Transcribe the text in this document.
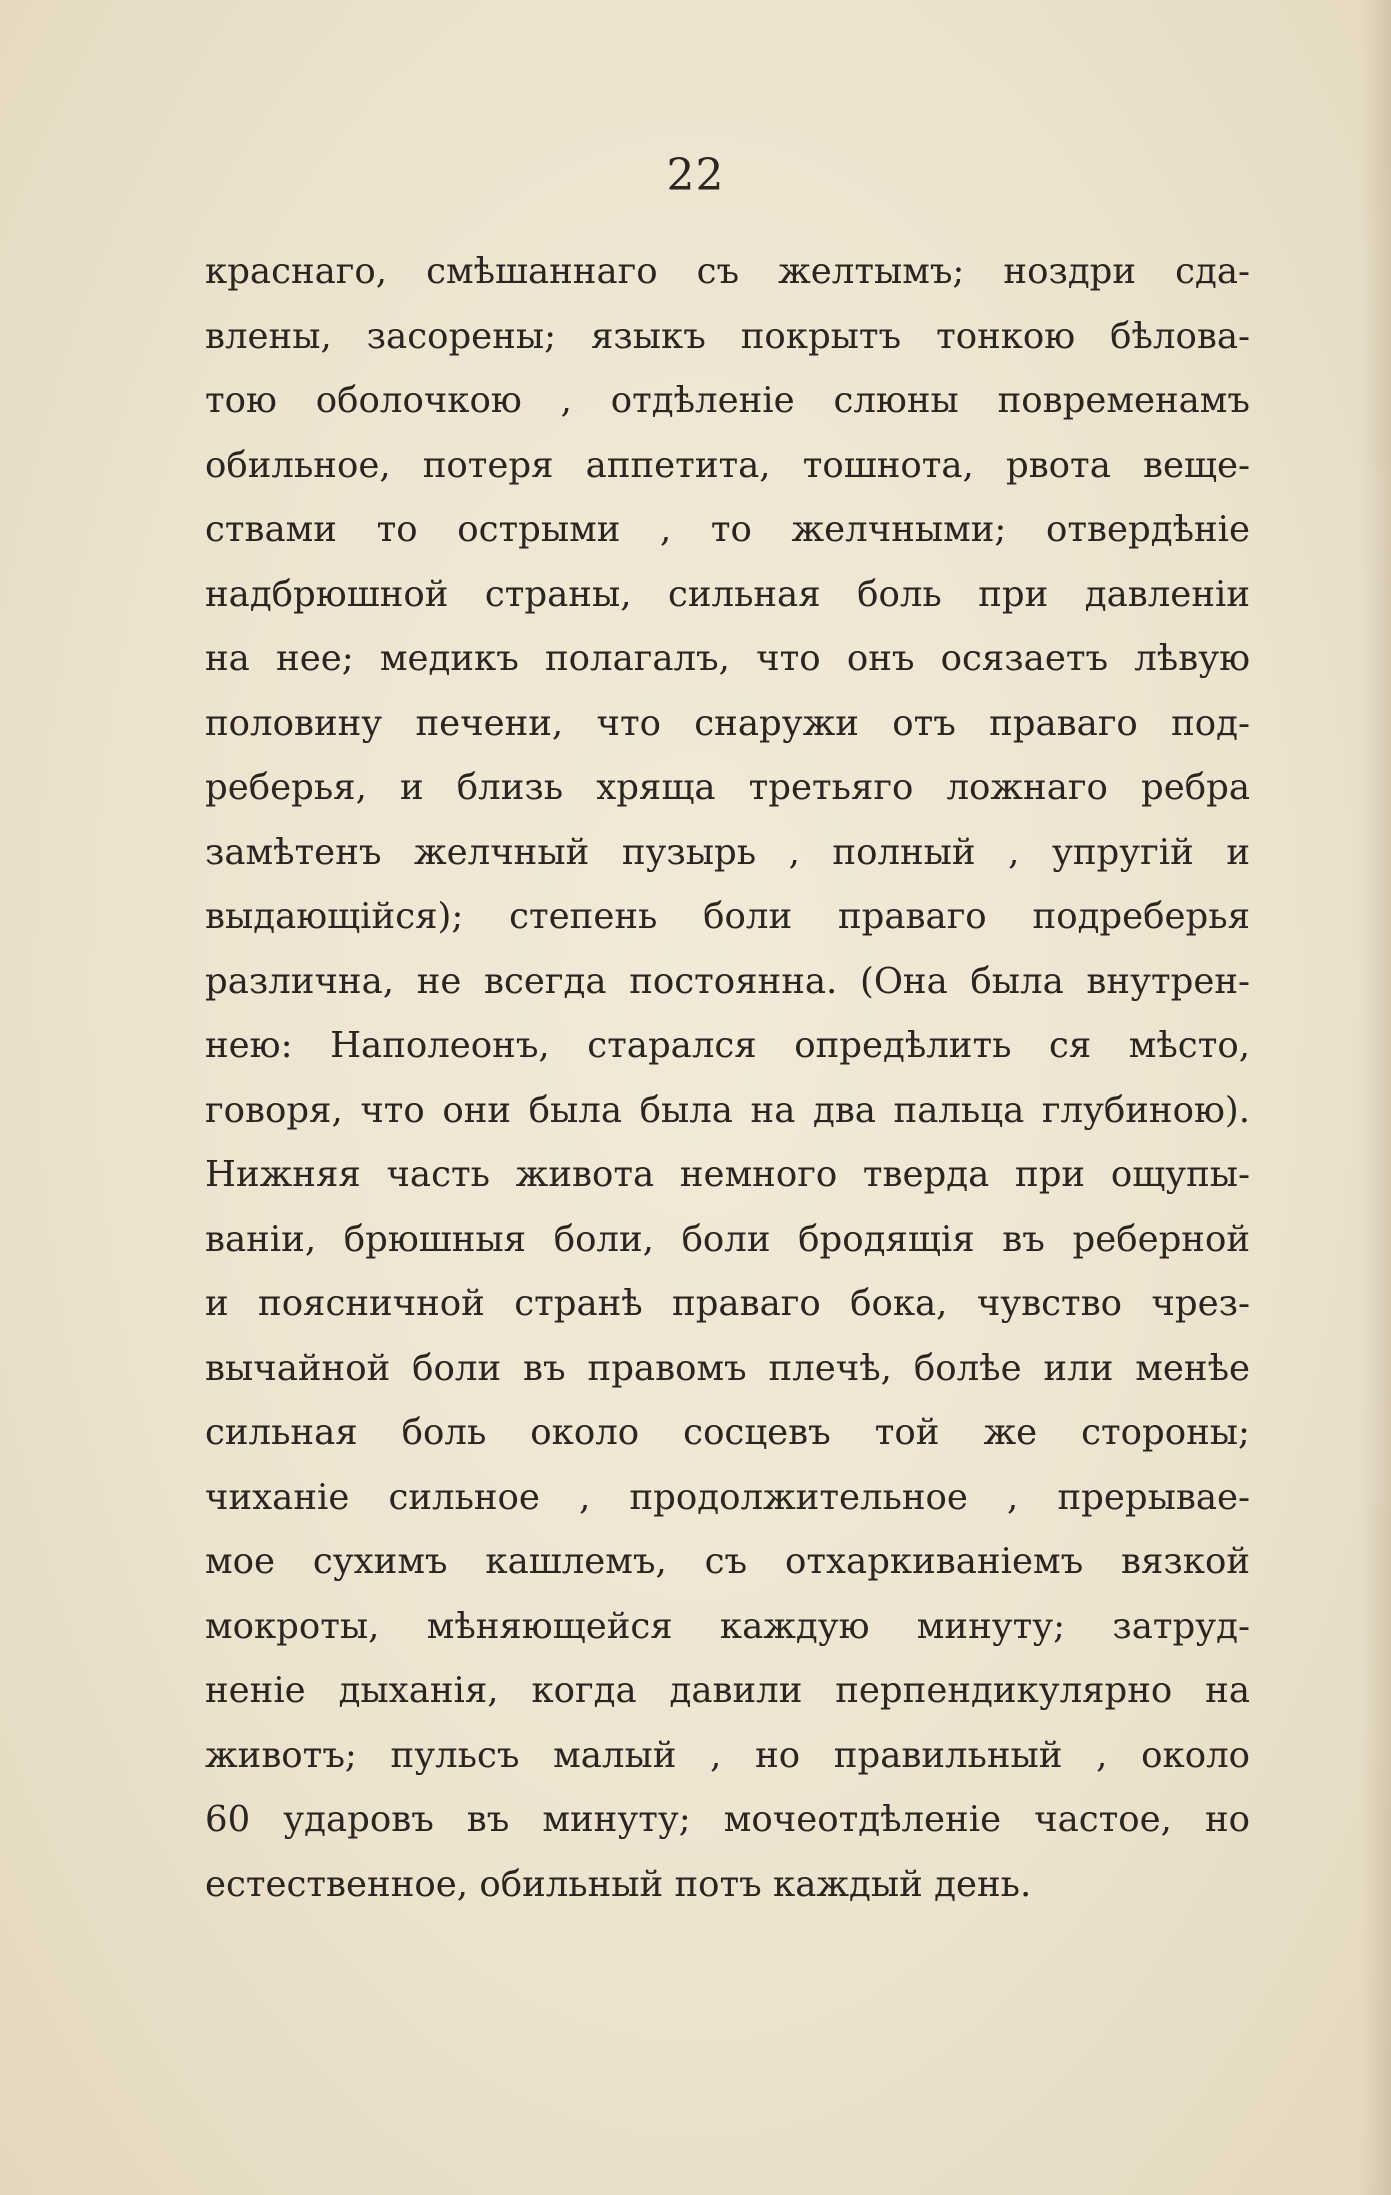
22
краснаго, смѣшаннаго съ желтымъ; ноздри сда-
влены, засорены; языкъ покрытъ тонкою бѣлова-
тою оболочкою , отдѣленіе слюны повременамъ
обильное, потеря аппетита, тошнота, рвота веще-
ствами то острыми , то желчными; отвердѣніе
надбрюшной страны, сильная боль при давленіи
на нее; медикъ полагалъ, что онъ осязаетъ лѣвую
половину печени, что снаружи отъ праваго под-
реберья, и близь хряща третьяго ложнаго ребра
замѣтенъ желчный пузырь , полный , упругій и
выдающійся); степень боли праваго подреберья
различна, не всегда постоянна. (Она была внутрен-
нею: Наполеонъ, старался опредѣлить ся мѣсто,
говоря, что они была была на два пальца глубиною).
Нижняя часть живота немного тверда при ощупы-
ваніи, брюшныя боли, боли бродящія въ реберной
и поясничной странѣ праваго бока, чувство чрез-
вычайной боли въ правомъ плечѣ, болѣе или менѣе
сильная боль около сосцевъ той же стороны;
чиханіе сильное , продолжительное , прерывае-
мое сухимъ кашлемъ, съ отхаркиваніемъ вязкой
мокроты, мѣняющейся каждую минуту; затруд-
неніе дыханія, когда давили перпендикулярно на
животъ; пульсъ малый , но правильный , около
60 ударовъ въ минуту; мочеотдѣленіе частое, но
естественное, обильный потъ каждый день.
